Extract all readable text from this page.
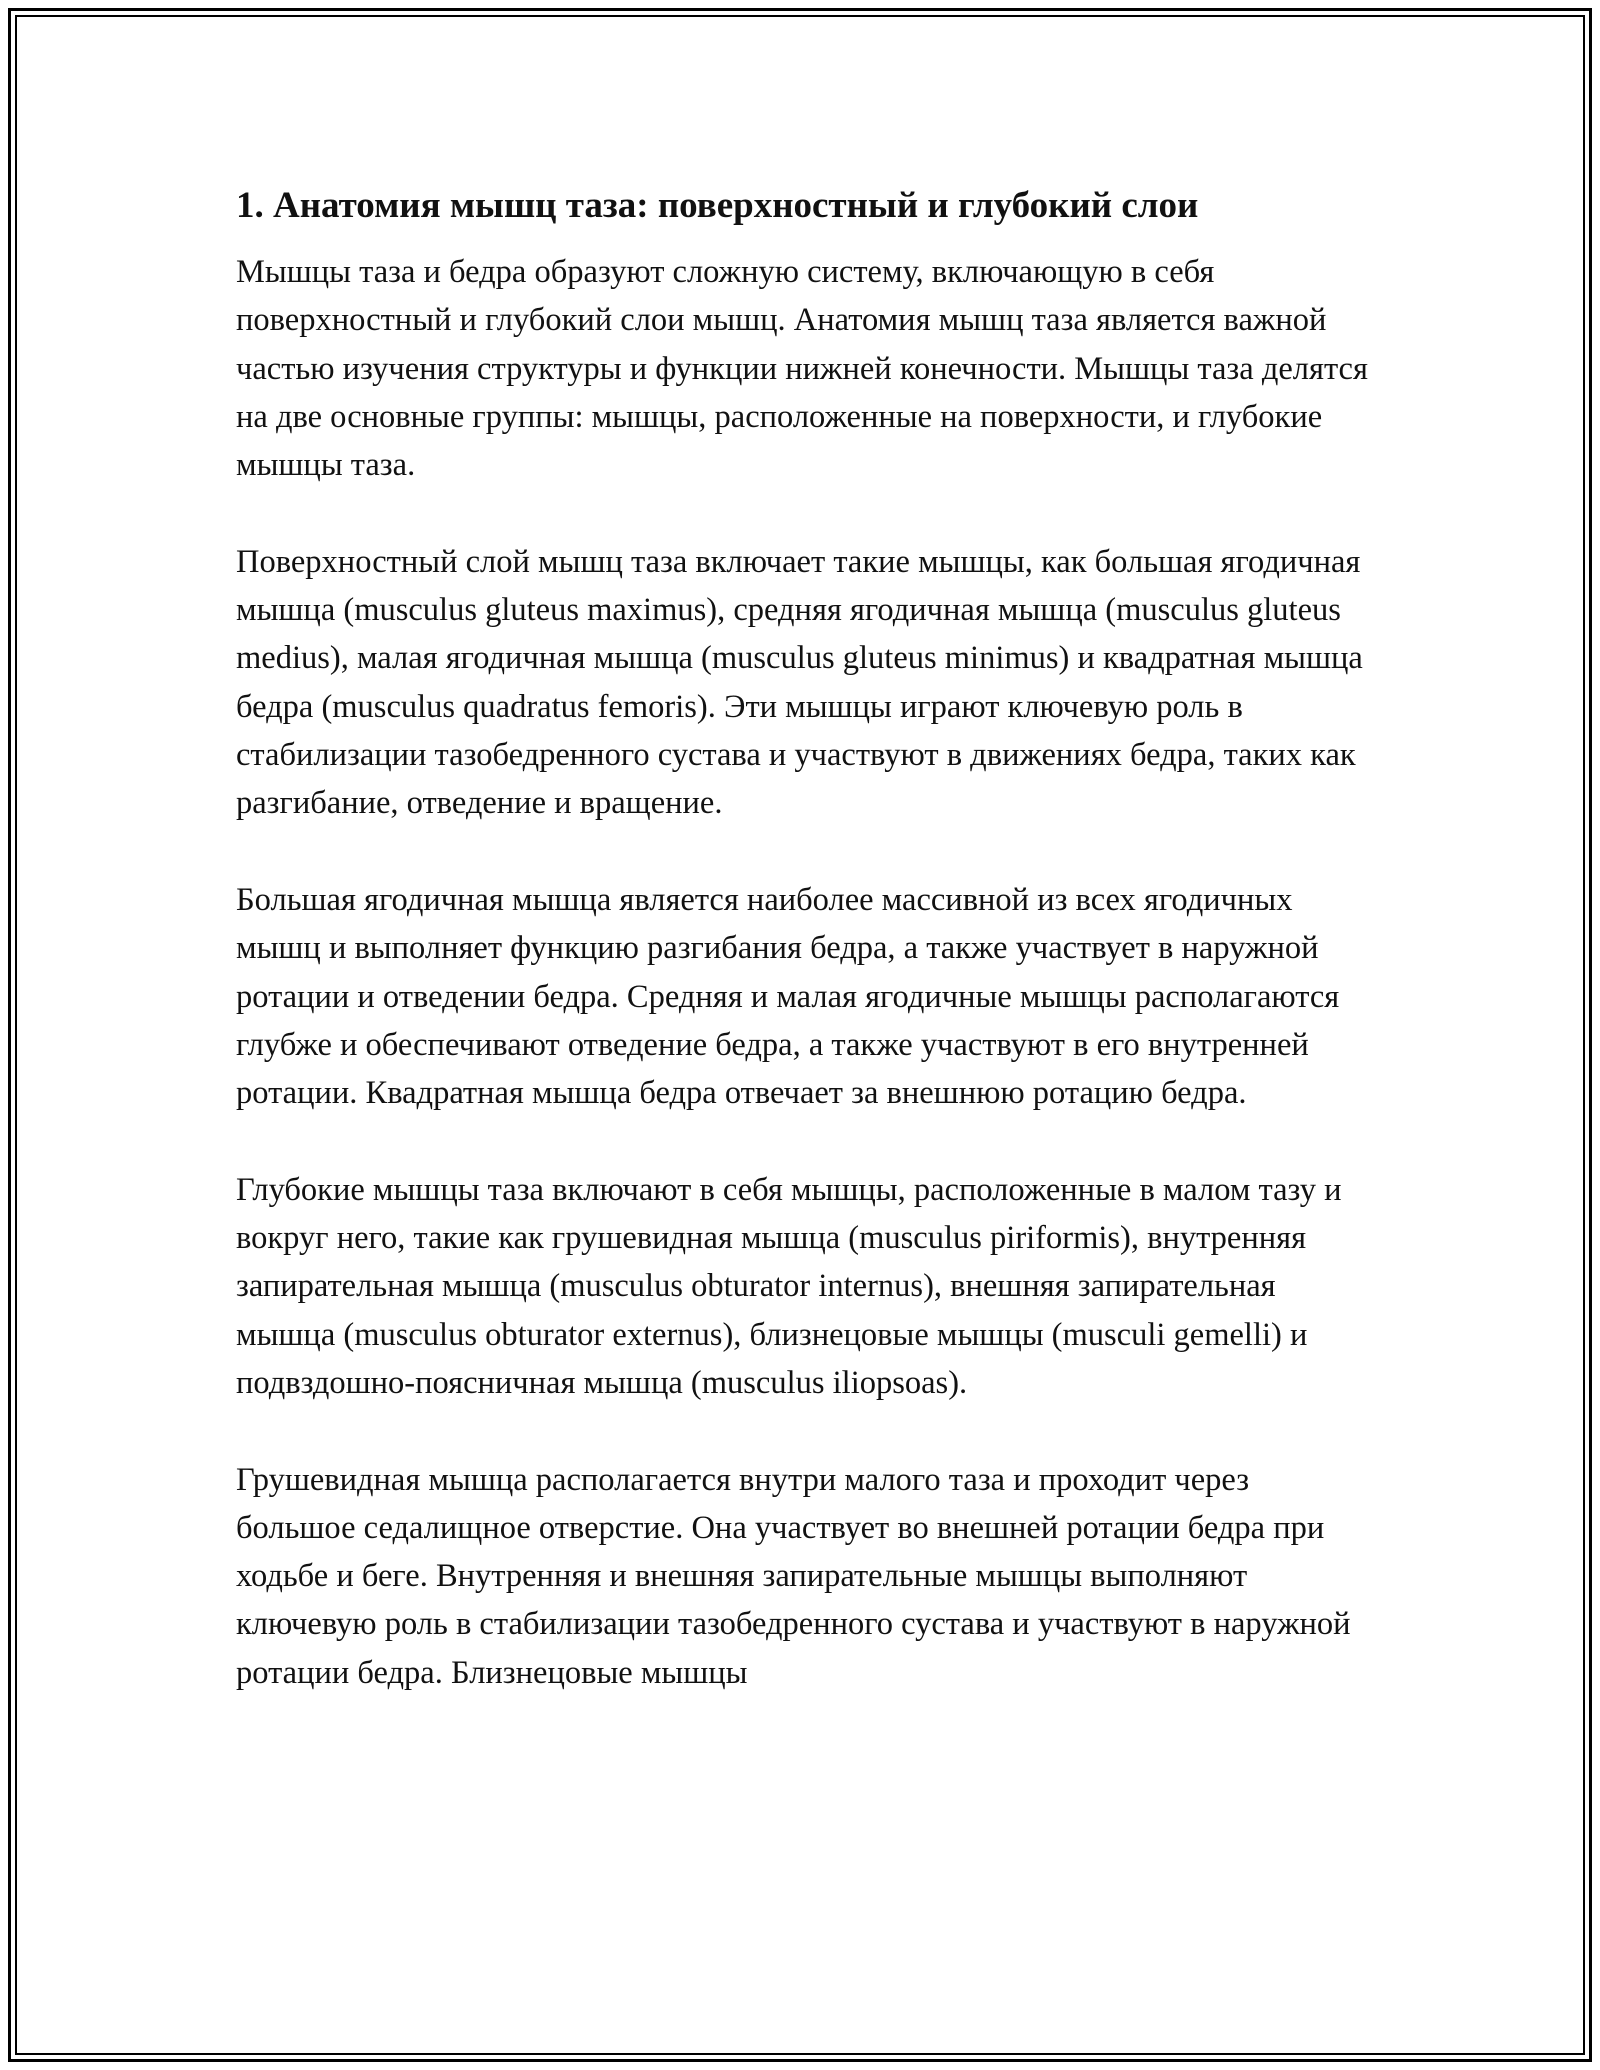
1. Анатомия мышц таза: поверхностный и глубокий слои

Мышцы таза и бедра образуют сложную систему, включающую в себя поверхностный и глубокий слои мышц. Анатомия мышц таза является важной частью изучения структуры и функции нижней конечности. Мышцы таза делятся на две основные группы: мышцы, расположенные на поверхности, и глубокие мышцы таза.

Поверхностный слой мышц таза включает такие мышцы, как большая ягодичная мышца (musculus gluteus maximus), средняя ягодичная мышца (musculus gluteus medius), малая ягодичная мышца (musculus gluteus minimus) и квадратная мышца бедра (musculus quadratus femoris). Эти мышцы играют ключевую роль в стабилизации тазобедренного сустава и участвуют в движениях бедра, таких как разгибание, отведение и вращение.

Большая ягодичная мышца является наиболее массивной из всех ягодичных мышц и выполняет функцию разгибания бедра, а также участвует в наружной ротации и отведении бедра. Средняя и малая ягодичные мышцы располагаются глубже и обеспечивают отведение бедра, а также участвуют в его внутренней ротации. Квадратная мышца бедра отвечает за внешнюю ротацию бедра.

Глубокие мышцы таза включают в себя мышцы, расположенные в малом тазу и вокруг него, такие как грушевидная мышца (musculus piriformis), внутренняя запирательная мышца (musculus obturator internus), внешняя запирательная мышца (musculus obturator externus), близнецовые мышцы (musculi gemelli) и подвздошно-поясничная мышца (musculus iliopsoas).

Грушевидная мышца располагается внутри малого таза и проходит через большое седалищное отверстие. Она участвует во внешней ротации бедра при ходьбе и беге. Внутренняя и внешняя запирательные мышцы выполняют ключевую роль в стабилизации тазобедренного сустава и участвуют в наружной ротации бедра. Близнецовые мышцы
